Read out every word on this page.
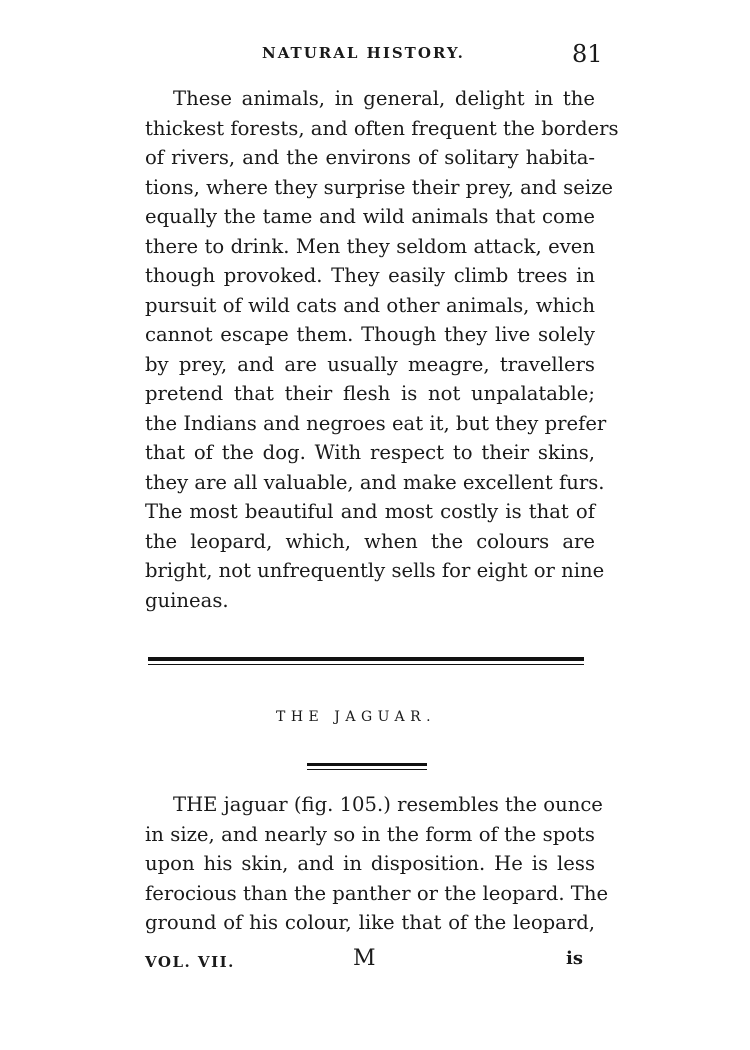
NATURAL HISTORY.	81
These animals, in general, delight in the
thickest forests, and often frequent the borders
of rivers, and the environs of solitary habita-
tions, where they surprise their prey, and seize
equally the tame and wild animals that come
there to drink. Men they seldom attack, even
though provoked. They easily climb trees in
pursuit of wild cats and other animals, which
cannot escape them. Though they live solely
by prey, and are usually meagre, travellers
pretend that their flesh is not unpalatable;
the Indians and negroes eat it, but they prefer
that of the dog. With respect to their skins,
they are all valuable, and make excellent furs.
The most beautiful and most costly is that of
the leopard, which, when the colours are
bright, not unfrequently sells for eight or nine
guineas.
THE JAGUAR.
THE jaguar (fig. 105.) resembles the ounce
in size, and nearly so in the form of the spots
upon his skin, and in disposition. He is less
ferocious than the panther or the leopard. The
ground of his colour, like that of the leopard,
VOL. VII.	M	is
